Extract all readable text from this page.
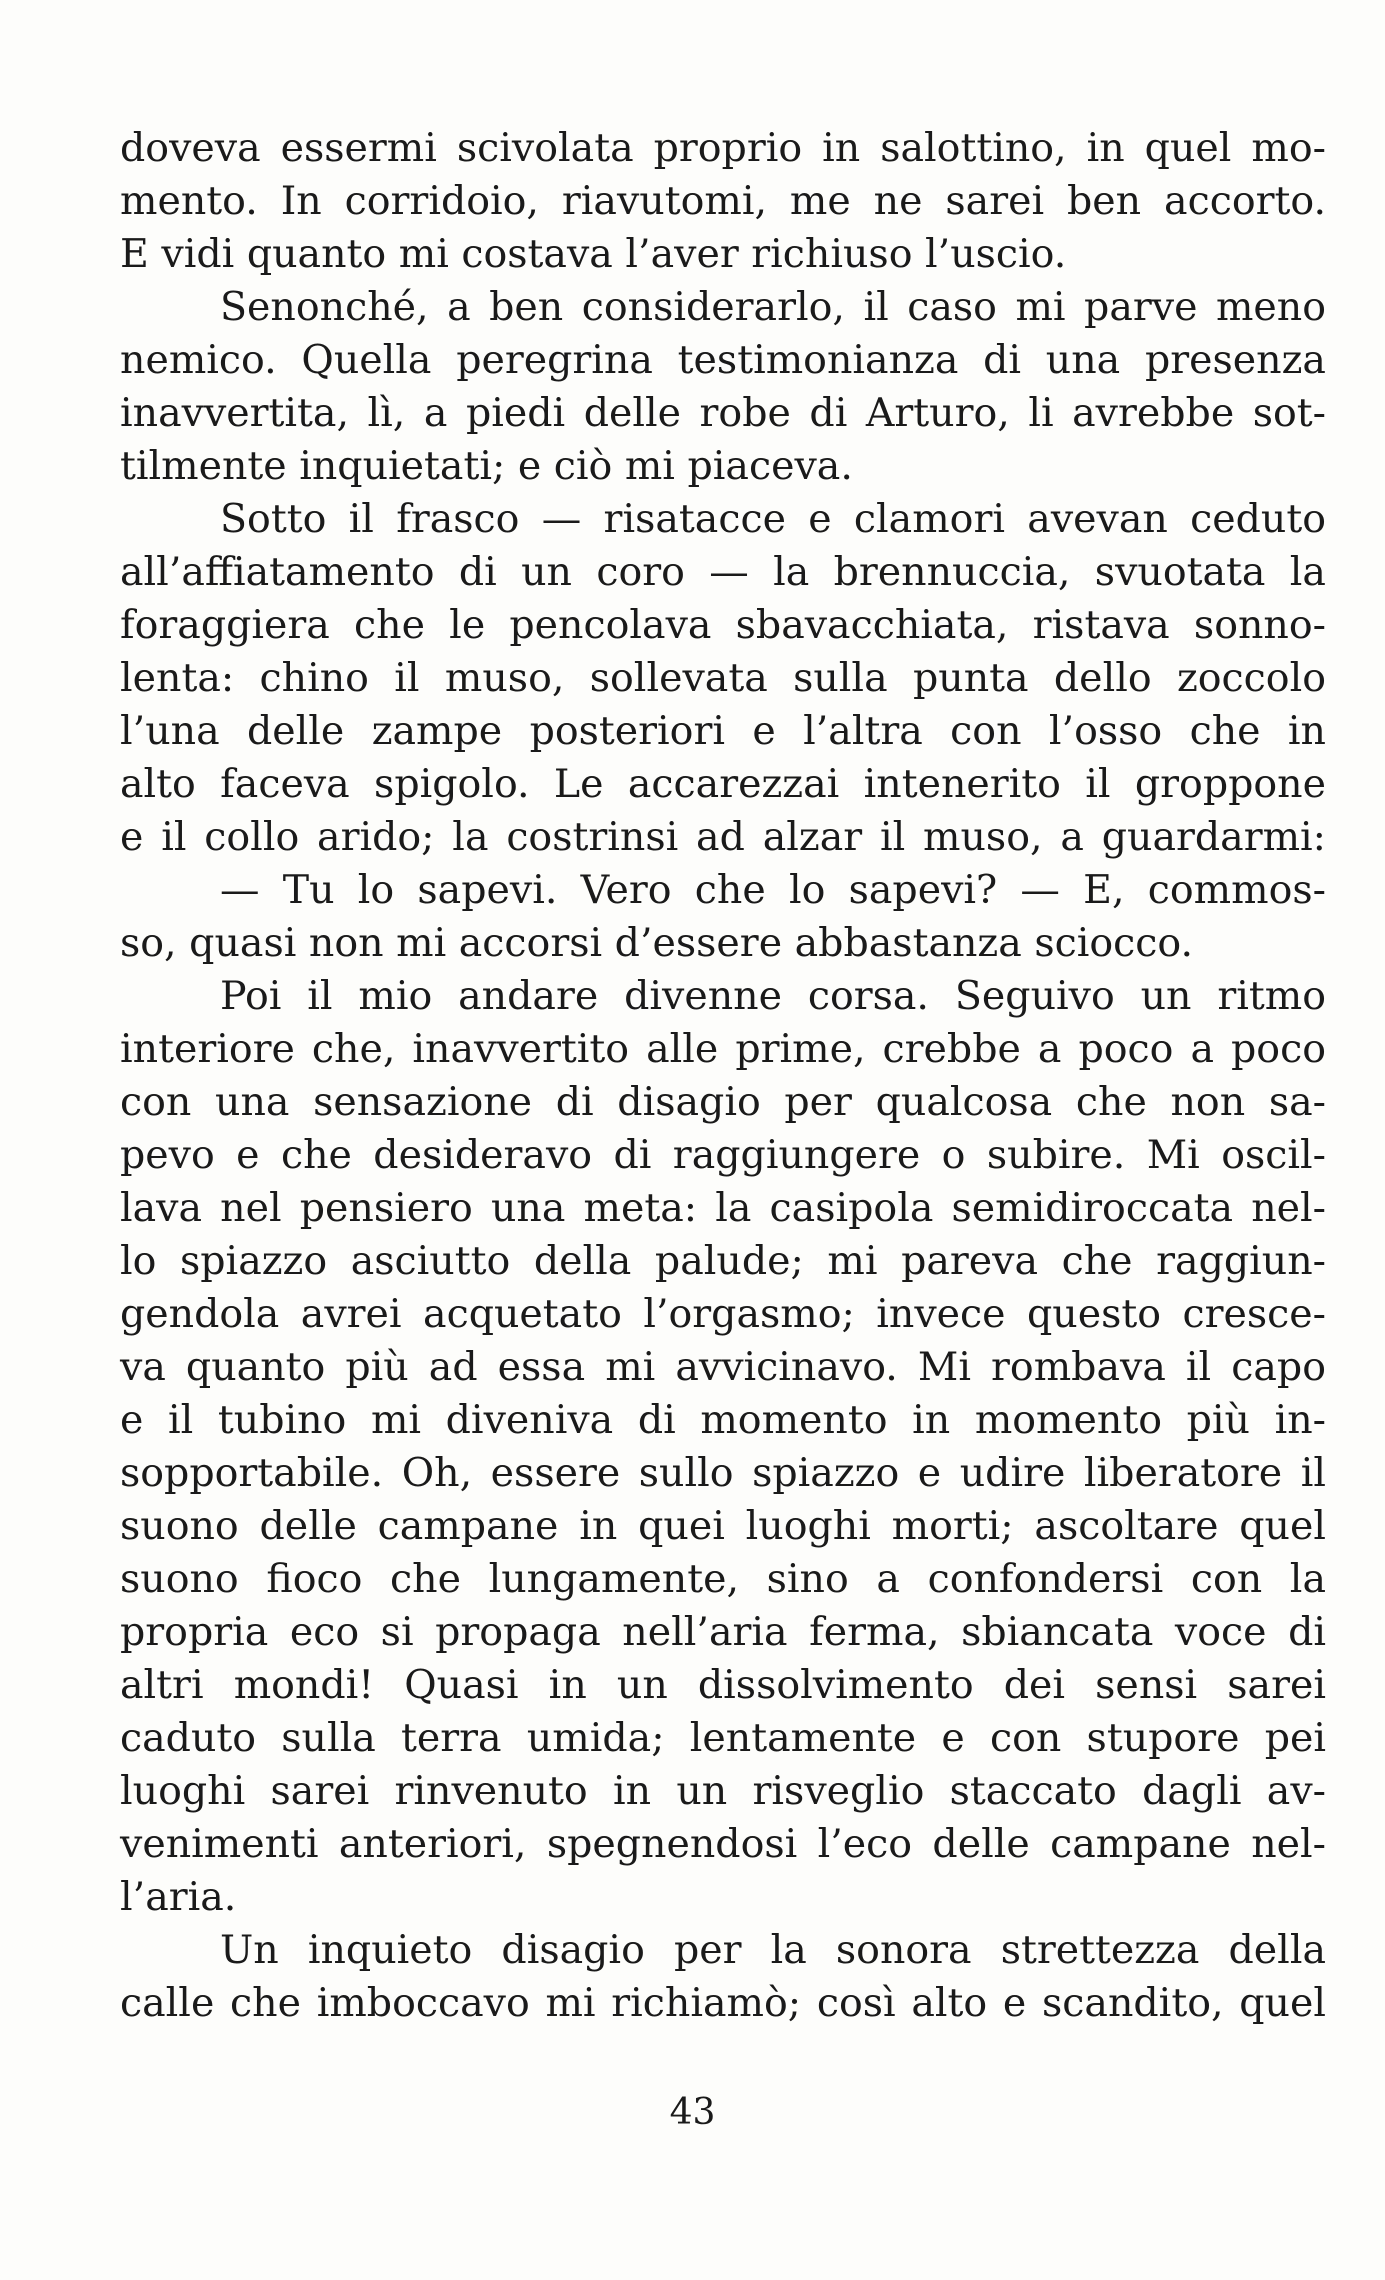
doveva essermi scivolata proprio in salottino, in quel mo-
mento. In corridoio, riavutomi, me ne sarei ben accorto.
E vidi quanto mi costava l’aver richiuso l’uscio.
Senonché, a ben considerarlo, il caso mi parve meno
nemico. Quella peregrina testimonianza di una presenza
inavvertita, lì, a piedi delle robe di Arturo, li avrebbe sot-
tilmente inquietati; e ciò mi piaceva.
Sotto il frasco — risatacce e clamori avevan ceduto
all’affiatamento di un coro — la brennuccia, svuotata la
foraggiera che le pencolava sbavacchiata, ristava sonno-
lenta: chino il muso, sollevata sulla punta dello zoccolo
l’una delle zampe posteriori e l’altra con l’osso che in
alto faceva spigolo. Le accarezzai intenerito il groppone
e il collo arido; la costrinsi ad alzar il muso, a guardarmi:
— Tu lo sapevi. Vero che lo sapevi? — E, commos-
so, quasi non mi accorsi d’essere abbastanza sciocco.
Poi il mio andare divenne corsa. Seguivo un ritmo
interiore che, inavvertito alle prime, crebbe a poco a poco
con una sensazione di disagio per qualcosa che non sa-
pevo e che desideravo di raggiungere o subire. Mi oscil-
lava nel pensiero una meta: la casipola semidiroccata nel-
lo spiazzo asciutto della palude; mi pareva che raggiun-
gendola avrei acquetato l’orgasmo; invece questo cresce-
va quanto più ad essa mi avvicinavo. Mi rombava il capo
e il tubino mi diveniva di momento in momento più in-
sopportabile. Oh, essere sullo spiazzo e udire liberatore il
suono delle campane in quei luoghi morti; ascoltare quel
suono fioco che lungamente, sino a confondersi con la
propria eco si propaga nell’aria ferma, sbiancata voce di
altri mondi! Quasi in un dissolvimento dei sensi sarei
caduto sulla terra umida; lentamente e con stupore pei
luoghi sarei rinvenuto in un risveglio staccato dagli av-
venimenti anteriori, spegnendosi l’eco delle campane nel-
l’aria.
Un inquieto disagio per la sonora strettezza della
calle che imboccavo mi richiamò; così alto e scandito, quel
43
